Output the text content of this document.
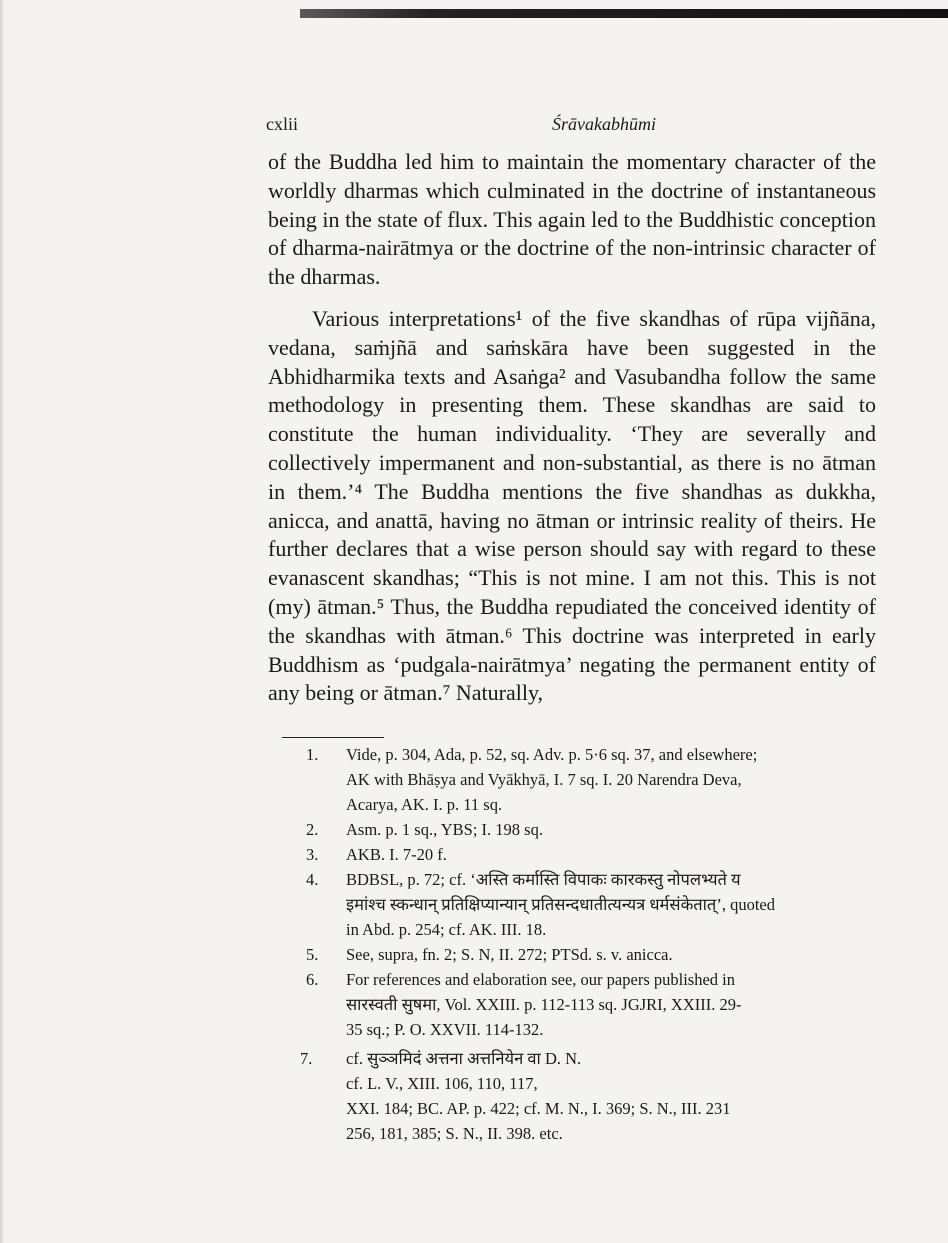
cxlii	Śrāvakabhūmi

of the Buddha led him to maintain the momentary character of the worldly dharmas which culminated in the doctrine of instantaneous being in the state of flux. This again led to the Buddhistic conception of dharma-nairātmya or the doctrine of the non-intrinsic character of the dharmas.

Various interpretations¹ of the five skandhas of rūpa vijñāna, vedana, saṁjñā and saṁskāra have been suggested in the Abhidharmika texts and Asaṅga² and Vasubandha follow the same methodology in presenting them. These skandhas are said to constitute the human individuality. ‘They are severally and collectively impermanent and non-substantial, as there is no ātman in them.’⁴ The Buddha mentions the five shandhas as dukkha, anicca, and anattā, having no ātman or intrinsic reality of theirs. He further declares that a wise person should say with regard to these evanascent skandhas; “This is not mine. I am not this. This is not (my) ātman.⁵ Thus, the Buddha repudiated the conceived identity of the skandhas with ātman.⁶ This doctrine was interpreted in early Buddhism as ‘pudgala-nairātmya’ negating the permanent entity of any being or ātman.⁷ Naturally,

1. Vide, p. 304, Ada, p. 52, sq. Adv. p. 5·6 sq. 37, and elsewhere;
AK with Bhāṣya and Vyākhyā, I. 7 sq. I. 20 Narendra Deva,
Acarya, AK. I. p. 11 sq.
2. Asm. p. 1 sq., YBS; I. 198 sq.
3. AKB. I. 7-20 f.
4. BDBSL, p. 72; cf. ‘अस्ति कर्मास्ति विपाकः कारकस्तु नोपलभ्यते य
इमांश्च स्कन्धान् प्रतिक्षिप्यान्यान् प्रतिसन्दधातीत्यन्यत्र धर्मसंकेतात्’, quoted
in Abd. p. 254; cf. AK. III. 18.
5. See, supra, fn. 2; S. N, II. 272; PTSd. s. v. anicca.
6. For references and elaboration see, our papers published in
सारस्वती सुषमा, Vol. XXIII. p. 112-113 sq. JGJRI, XXIII. 29-
35 sq.; P. O. XXVII. 114-132.
7. cf. सुञ्ञमिदं अत्तना अत्तनियेन वा D. N.
cf. L. V., XIII. 106, 110, 117,
XXI. 184; BC. AP. p. 422; cf. M. N., I. 369; S. N., III. 231
256, 181, 385; S. N., II. 398. etc.
